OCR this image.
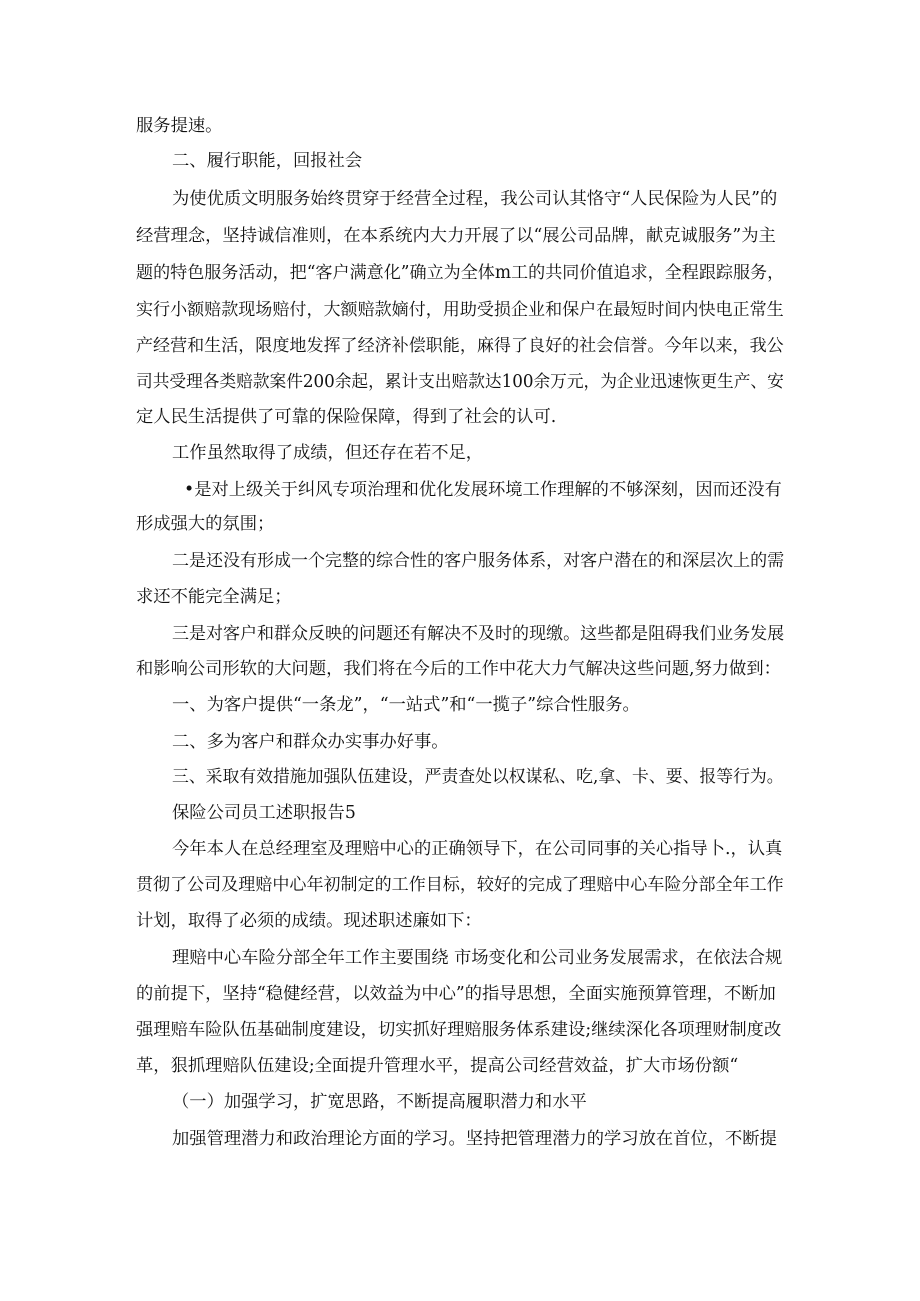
服务提速。
二、履行职能，回报社会
为使优质文明服务始终贯穿于经营全过程，我公司认其恪守“人民保险为人民”的
经营理念，坚持诚信准则，在本系统内大力开展了以“展公司品牌，献克诚服务”为主
题的特色服务活动，把“客户满意化”确立为全体m工的共同价值追求，全程跟踪服务，
实行小额赔款现场赔付，大额赔款嫡付，用助受损企业和保户在最短时间内快电正常生
产经营和生活，限度地发挥了经济补偿职能，麻得了良好的社会信誉。今年以来，我公
司共受理各类赔款案件200余起，累计支出赔款达100余万元，为企业迅速恢更生产、安
定人民生活提供了可靠的保险保障，得到了社会的认可.
工作虽然取得了成绩，但还存在若不足，
•是对上级关于纠风专项治理和优化发展环境工作理解的不够深刻，因而还没有
形成强大的氛围；
二是还没有形成一个完整的综合性的客户服务体系，对客户潜在的和深层次上的需
求还不能完全满足；
三是对客户和群众反映的问题还有解决不及时的现缴。这些都是阻碍我们业务发展
和影响公司形软的大问题，我们将在今后的工作中花大力气解决这些问题,努力做到：
一、为客户提供“一条龙”，“一站式”和“一揽子”综合性服务。
二、多为客户和群众办实事办好事。
三、采取有效措施加强队伍建设，严责查处以权谋私、吃,拿、卡、要、报等行为。
保险公司员工述职报告5
今年本人在总经理室及理赔中心的正确领导下，在公司同事的关心指导卜.，认真
贯彻了公司及理赔中心年初制定的工作目标，较好的完成了理赔中心车险分部全年工作
计划，取得了必须的成绩。现述职述廉如下：
理赔中心车险分部全年工作主要围绕 市场变化和公司业务发展需求，在依法合规
的前提下，坚持“稳健经营，以效益为中心”的指导思想，全面实施预算管理，不断加
强理赔车险队伍基础制度建设，切实抓好理赔服务体系建设;继续深化各项理财制度改
革，狠抓理赔队伍建设;全面提升管理水平，提高公司经营效益，扩大市场份额“
（一）加强学习，扩宽思路，不断提高履职潜力和水平
加强管理潜力和政治理论方面的学习。坚持把管理潜力的学习放在首位，不断提
